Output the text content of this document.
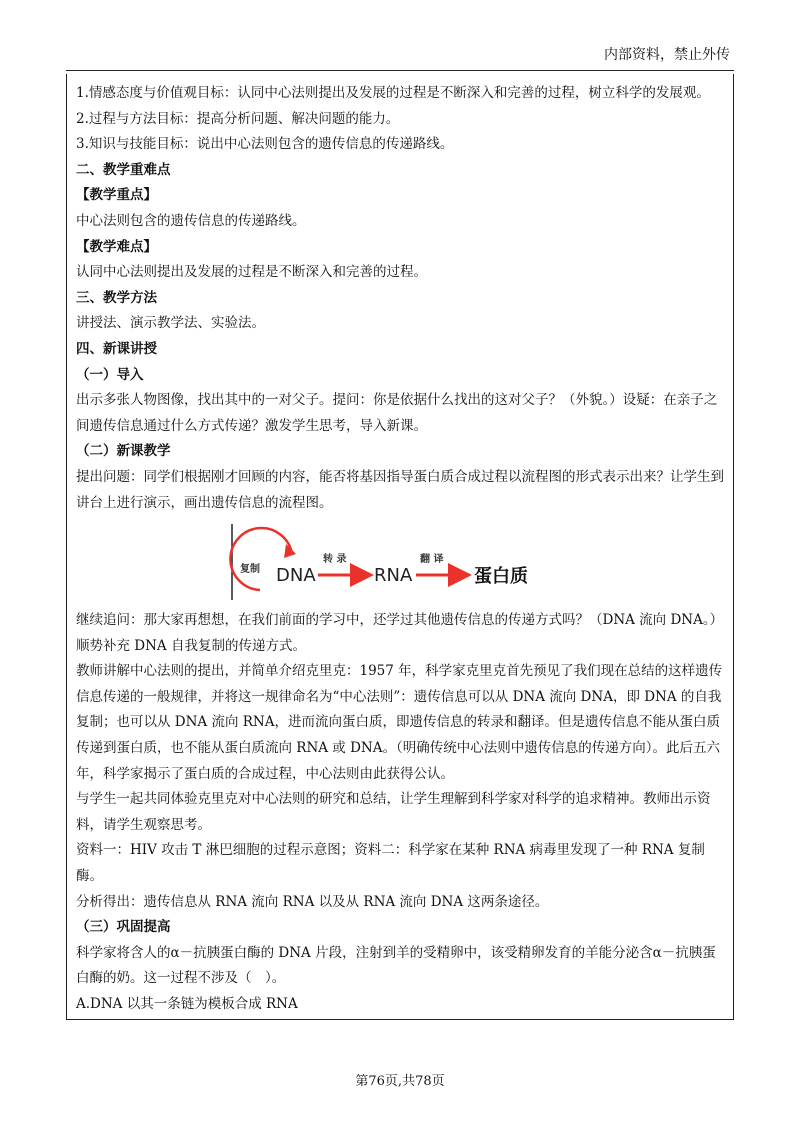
内部资料，禁止外传

1.情感态度与价值观目标：认同中心法则提出及发展的过程是不断深入和完善的过程，树立科学的发展观。

2.过程与方法目标：提高分析问题、解决问题的能力。

3.知识与技能目标：说出中心法则包含的遗传信息的传递路线。

二、教学重难点

【教学重点】

中心法则包含的遗传信息的传递路线。

【教学难点】

认同中心法则提出及发展的过程是不断深入和完善的过程。

三、教学方法

讲授法、演示教学法、实验法。

四、新课讲授

（一）导入

出示多张人物图像，找出其中的一对父子。提问：你是依据什么找出的这对父子？（外貌。）设疑：在亲子之间遗传信息通过什么方式传递？激发学生思考，导入新课。

（二）新课教学

提出问题：同学们根据刚才回顾的内容，能否将基因指导蛋白质合成过程以流程图的形式表示出来？让学生到讲台上进行演示，画出遗传信息的流程图。

复制 DNA
转 录
RNA
翻 译
蛋白质

继续追问：那大家再想想，在我们前面的学习中，还学过其他遗传信息的传递方式吗？（DNA 流向 DNA。）顺势补充 DNA 自我复制的传递方式。

教师讲解中心法则的提出，并简单介绍克里克：1957 年，科学家克里克首先预见了我们现在总结的这样遗传信息传递的一般规律，并将这一规律命名为“中心法则”：遗传信息可以从 DNA 流向 DNA，即 DNA 的自我复制；也可以从 DNA 流向 RNA，进而流向蛋白质，即遗传信息的转录和翻译。但是遗传信息不能从蛋白质传递到蛋白质，也不能从蛋白质流向 RNA 或 DNA。（明确传统中心法则中遗传信息的传递方向）。此后五六年，科学家揭示了蛋白质的合成过程，中心法则由此获得公认。

与学生一起共同体验克里克对中心法则的研究和总结，让学生理解到科学家对科学的追求精神。教师出示资料，请学生观察思考。

资料一：HIV 攻击 T 淋巴细胞的过程示意图；资料二：科学家在某种 RNA 病毒里发现了一种 RNA 复制酶。

分析得出：遗传信息从 RNA 流向 RNA 以及从 RNA 流向 DNA 这两条途径。

（三）巩固提高

科学家将含人的α－抗胰蛋白酶的 DNA 片段，注射到羊的受精卵中，该受精卵发育的羊能分泌含α－抗胰蛋白酶的奶。这一过程不涉及（　）。

A.DNA 以其一条链为模板合成 RNA

第76页,共78页
